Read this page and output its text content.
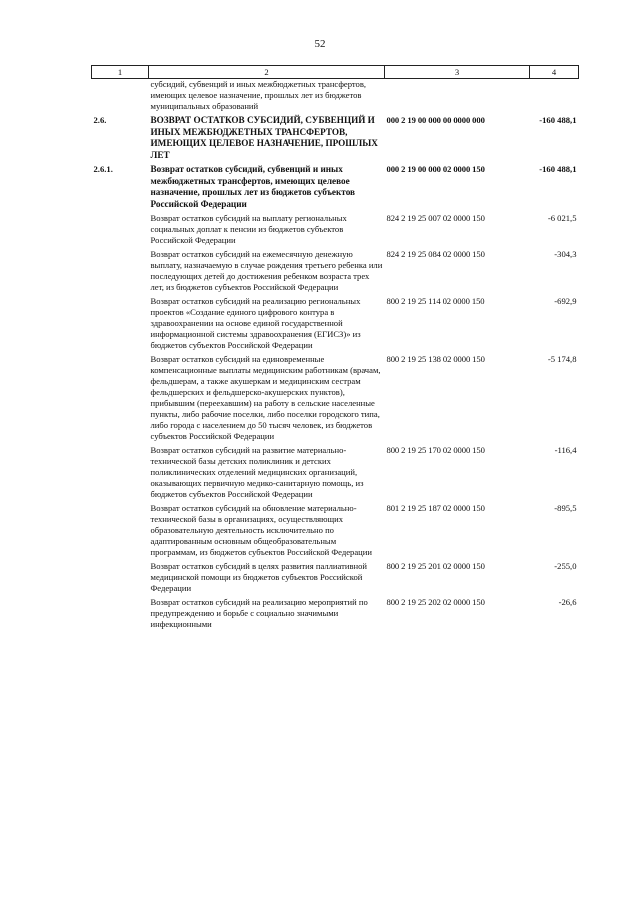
52
1	2	3	4
	субсидий, субвенций и иных межбюджетных трансфертов, имеющих целевое назначение, прошлых лет из бюджетов муниципальных образований		
2.6.	ВОЗВРАТ ОСТАТКОВ СУБСИДИЙ, СУБВЕНЦИЙ И ИНЫХ МЕЖБЮДЖЕТНЫХ ТРАНСФЕРТОВ, ИМЕЮЩИХ ЦЕЛЕВОЕ НАЗНАЧЕНИЕ, ПРОШЛЫХ ЛЕТ	000 2 19 00 000 00 0000 000	-160 488,1
2.6.1.	Возврат остатков субсидий, субвенций и иных межбюджетных трансфертов, имеющих целевое назначение, прошлых лет из бюджетов субъектов Российской Федерации	000 2 19 00 000 02 0000 150	-160 488,1
	Возврат остатков субсидий на выплату региональных социальных доплат к пенсии из бюджетов субъектов Российской Федерации	824 2 19 25 007 02 0000 150	-6 021,5
	Возврат остатков субсидий на ежемесячную денежную выплату, назначаемую в случае рождения третьего ребенка или последующих детей до достижения ребенком возраста трех лет, из бюджетов субъектов Российской Федерации	824 2 19 25 084 02 0000 150	-304,3
	Возврат остатков субсидий на реализацию региональных проектов «Создание единого цифрового контура в здравоохранении на основе единой государственной информационной системы здравоохранения (ЕГИСЗ)» из бюджетов субъектов Российской Федерации	800 2 19 25 114 02 0000 150	-692,9
	Возврат остатков субсидий на единовременные компенсационные выплаты медицинским работникам (врачам, фельдшерам, а также акушеркам и медицинским сестрам фельдшерских и фельдшерско-акушерских пунктов), прибывшим (переехавшим) на работу в сельские населенные пункты, либо рабочие поселки, либо поселки городского типа, либо города с населением до 50 тысяч человек, из бюджетов субъектов Российской Федерации	800 2 19 25 138 02 0000 150	-5 174,8
	Возврат остатков субсидий на развитие материально-технической базы детских поликлиник и детских поликлинических отделений медицинских организаций, оказывающих первичную медико-санитарную помощь, из бюджетов субъектов Российской Федерации	800 2 19 25 170 02 0000 150	-116,4
	Возврат остатков субсидий на обновление материально-технической базы в организациях, осуществляющих образовательную деятельность исключительно по адаптированным основным общеобразовательным программам, из бюджетов субъектов Российской Федерации	801 2 19 25 187 02 0000 150	-895,5
	Возврат остатков субсидий в целях развития паллиативной медицинской помощи из бюджетов субъектов Российской Федерации	800 2 19 25 201 02 0000 150	-255,0
	Возврат остатков субсидий на реализацию мероприятий по предупреждению и борьбе с социально значимыми инфекционными	800 2 19 25 202 02 0000 150	-26,6
